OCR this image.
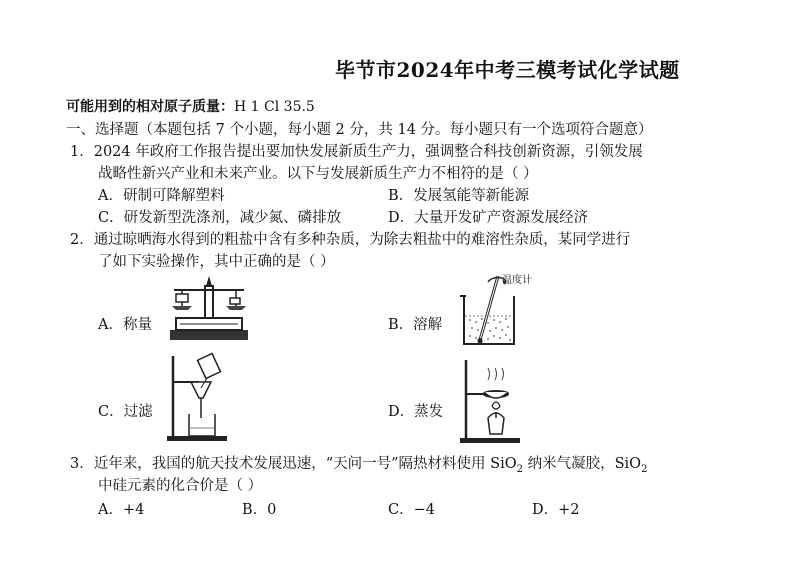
毕节市2024年中考三模考试化学试题
可能用到的相对原子质量：H 1 Cl 35.5
一、选择题（本题包括 7 个小题，每小题 2 分，共 14 分。每小题只有一个选项符合题意）
1．2024 年政府工作报告提出要加快发展新质生产力，强调整合科技创新资源，引领发展
战略性新兴产业和未来产业。以下与发展新质生产力不相符的是（ ）
A．研制可降解塑料	B．发展氢能等新能源
C．研发新型洗涤剂，减少氮、磷排放	D．大量开发矿产资源发展经济
2．通过晾晒海水得到的粗盐中含有多种杂质，为除去粗盐中的难溶性杂质，某同学进行
了如下实验操作，其中正确的是（ ）
A．称量	B．溶解
C．过滤	D．蒸发
温度计
3．近年来，我国的航天技术发展迅速，“天问一号”隔热材料使用 SiO$_2$ 纳米气凝胶，SiO$_2$
中硅元素的化合价是（ ）
A．+4	B．0	C．−4	D．+2
